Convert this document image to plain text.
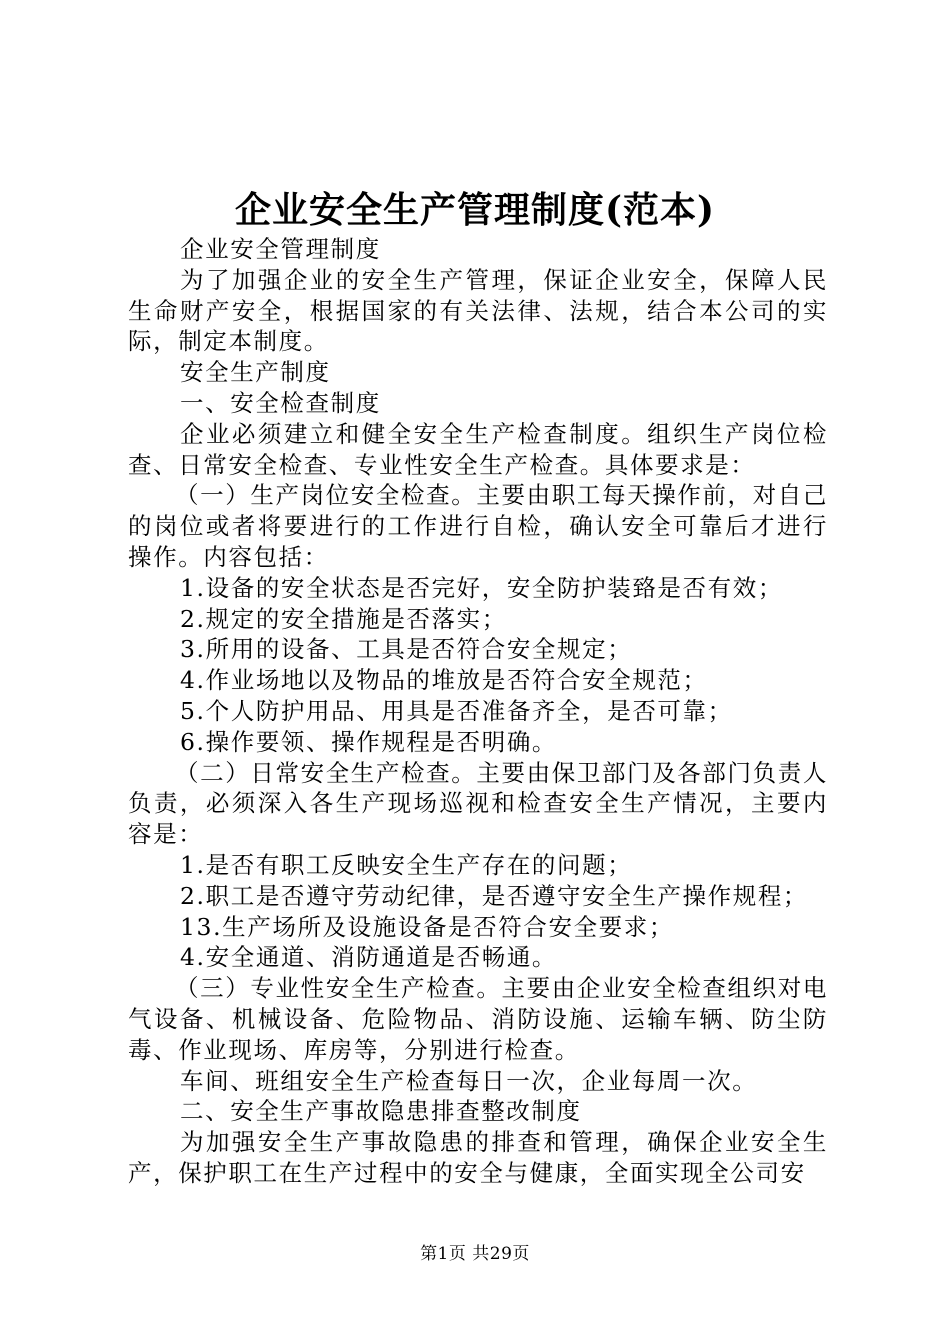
企业安全生产管理制度(范本)

企业安全管理制度

为了加强企业的安全生产管理，保证企业安全，保障人民生命财产安全，根据国家的有关法律、法规，结合本公司的实际，制定本制度。

安全生产制度

一、安全检查制度

企业必须建立和健全安全生产检查制度。组织生产岗位检查、日常安全检查、专业性安全生产检查。具体要求是：

（一）生产岗位安全检查。主要由职工每天操作前，对自己的岗位或者将要进行的工作进行自检，确认安全可靠后才进行操作。内容包括：

1.设备的安全状态是否完好，安全防护装臵是否有效；

2.规定的安全措施是否落实；

3.所用的设备、工具是否符合安全规定；

4.作业场地以及物品的堆放是否符合安全规范；

5.个人防护用品、用具是否准备齐全，是否可靠；

6.操作要领、操作规程是否明确。

（二）日常安全生产检查。主要由保卫部门及各部门负责人负责，必须深入各生产现场巡视和检查安全生产情况，主要内容是：

1.是否有职工反映安全生产存在的问题；

2.职工是否遵守劳动纪律，是否遵守安全生产操作规程；

13.生产场所及设施设备是否符合安全要求；

4.安全通道、消防通道是否畅通。

（三）专业性安全生产检查。主要由企业安全检查组织对电气设备、机械设备、危险物品、消防设施、运输车辆、防尘防毒、作业现场、库房等，分别进行检查。

车间、班组安全生产检查每日一次，企业每周一次。

二、安全生产事故隐患排查整改制度

为加强安全生产事故隐患的排查和管理，确保企业安全生产，保护职工在生产过程中的安全与健康，全面实现全公司安

第1页 共29页
